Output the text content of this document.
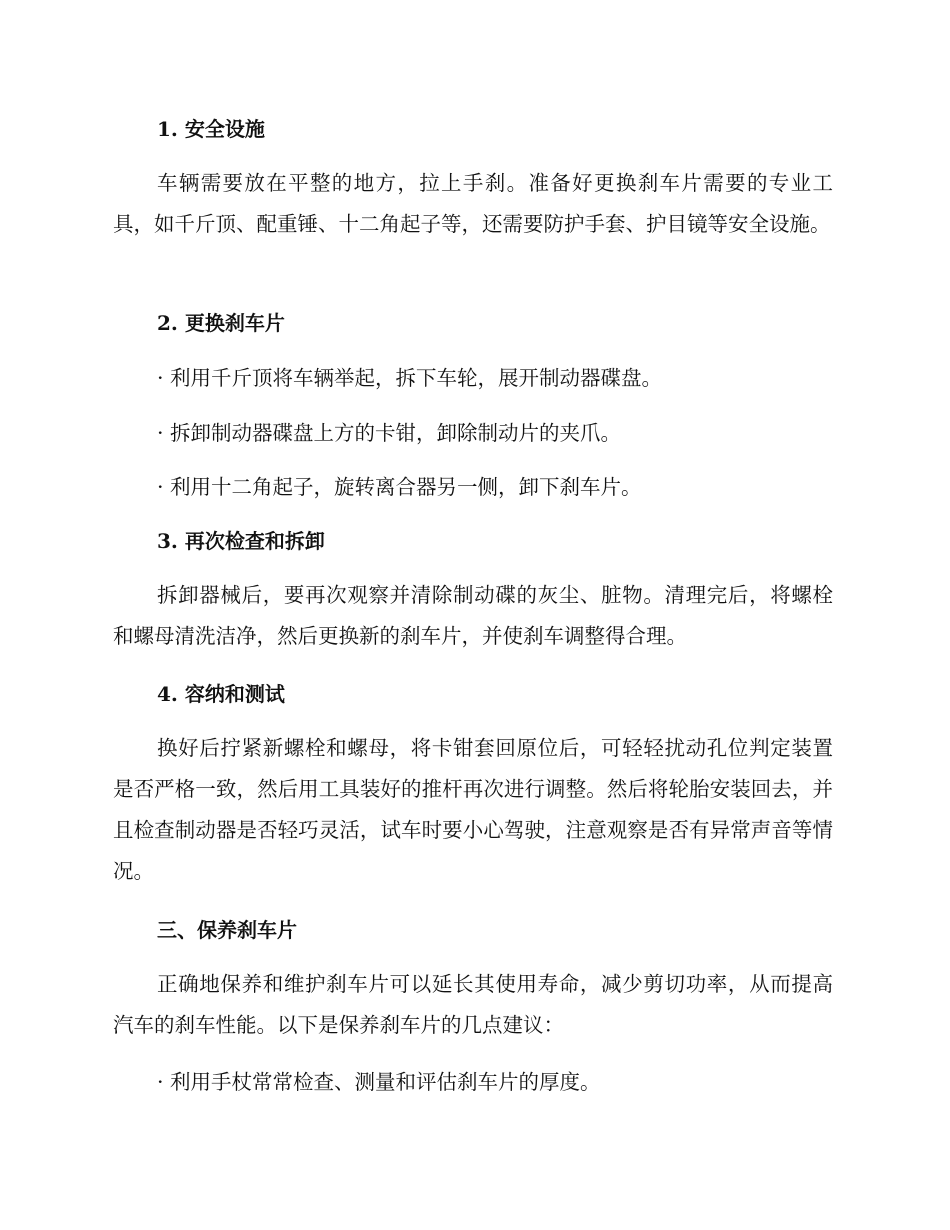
1. 安全设施

车辆需要放在平整的地方，拉上手刹。准备好更换刹车片需要的专业工具，如千斤顶、配重锤、十二角起子等，还需要防护手套、护目镜等安全设施。

2. 更换刹车片
· 利用千斤顶将车辆举起，拆下车轮，展开制动器碟盘。
· 拆卸制动器碟盘上方的卡钳，卸除制动片的夹爪。
· 利用十二角起子，旋转离合器另一侧，卸下刹车片。
3. 再次检查和拆卸

拆卸器械后，要再次观察并清除制动碟的灰尘、脏物。清理完后，将螺栓和螺母清洗洁净，然后更换新的刹车片，并使刹车调整得合理。

4. 容纳和测试

换好后拧紧新螺栓和螺母，将卡钳套回原位后，可轻轻扰动孔位判定装置是否严格一致，然后用工具装好的推杆再次进行调整。然后将轮胎安装回去，并且检查制动器是否轻巧灵活，试车时要小心驾驶，注意观察是否有异常声音等情况。

三、保养刹车片

正确地保养和维护刹车片可以延长其使用寿命，减少剪切功率，从而提高汽车的刹车性能。以下是保养刹车片的几点建议：

· 利用手杖常常检查、测量和评估刹车片的厚度。
